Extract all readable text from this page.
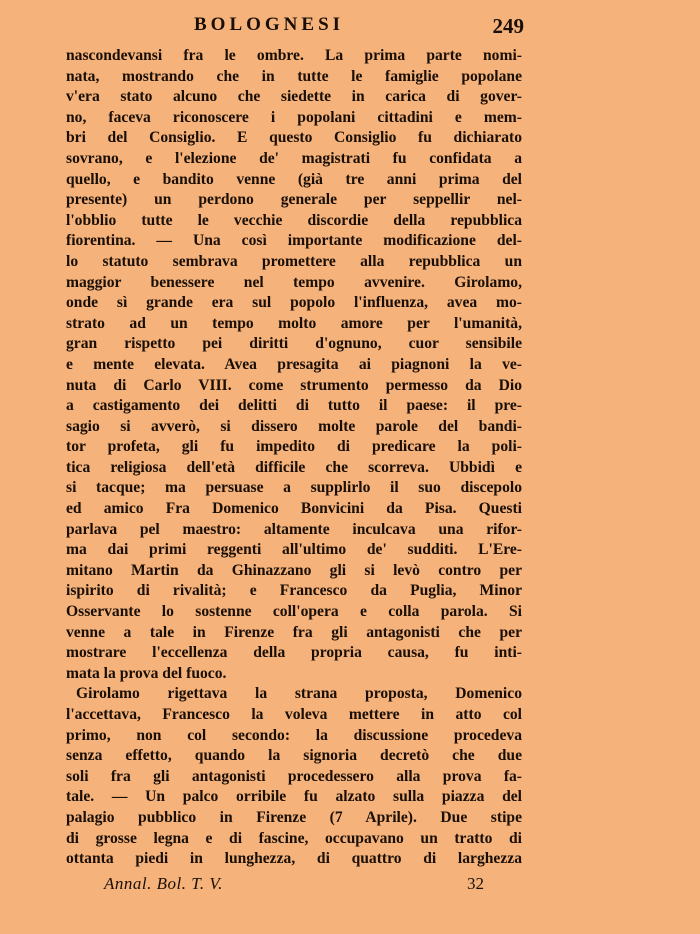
BOLOGNESI	249
nascondevansi fra le ombre. La prima parte nomi-
nata, mostrando che in tutte le famiglie popolane
v'era stato alcuno che siedette in carica di gover-
no, faceva riconoscere i popolani cittadini e mem-
bri del Consiglio. E questo Consiglio fu dichiarato
sovrano, e l'elezione de' magistrati fu confidata a
quello, e bandito venne (già tre anni prima del
presente) un perdono generale per seppellir nel-
l'obblio tutte le vecchie discordie della repubblica
fiorentina. — Una così importante modificazione del-
lo statuto sembrava promettere alla repubblica un
maggior benessere nel tempo avvenire. Girolamo,
onde sì grande era sul popolo l'influenza, avea mo-
strato ad un tempo molto amore per l'umanità,
gran rispetto pei diritti d'ognuno, cuor sensibile
e mente elevata. Avea presagita ai piagnoni la ve-
nuta di Carlo VIII. come strumento permesso da Dio
a castigamento dei delitti di tutto il paese: il pre-
sagio si avverò, si dissero molte parole del bandi-
tor profeta, gli fu impedito di predicare la poli-
tica religiosa dell'età difficile che scorreva. Ubbidì e
si tacque; ma persuase a supplirlo il suo discepolo
ed amico Fra Domenico Bonvicini da Pisa. Questi
parlava pel maestro: altamente inculcava una rifor-
ma dai primi reggenti all'ultimo de' sudditi. L'Ere-
mitano Martin da Ghinazzano gli si levò contro per
ispirito di rivalità; e Francesco da Puglia, Minor
Osservante lo sostenne coll'opera e colla parola. Si
venne a tale in Firenze fra gli antagonisti che per
mostrare l'eccellenza della propria causa, fu inti-
mata la prova del fuoco.
Girolamo rigettava la strana proposta, Domenico
l'accettava, Francesco la voleva mettere in atto col
primo, non col secondo: la discussione procedeva
senza effetto, quando la signoria decretò che due
soli fra gli antagonisti procedessero alla prova fa-
tale. — Un palco orribile fu alzato sulla piazza del
palagio pubblico in Firenze (7 Aprile). Due stipe
di grosse legna e di fascine, occupavano un tratto di
ottanta piedi in lunghezza, di quattro di larghezza
Annal. Bol. T. V.	32
